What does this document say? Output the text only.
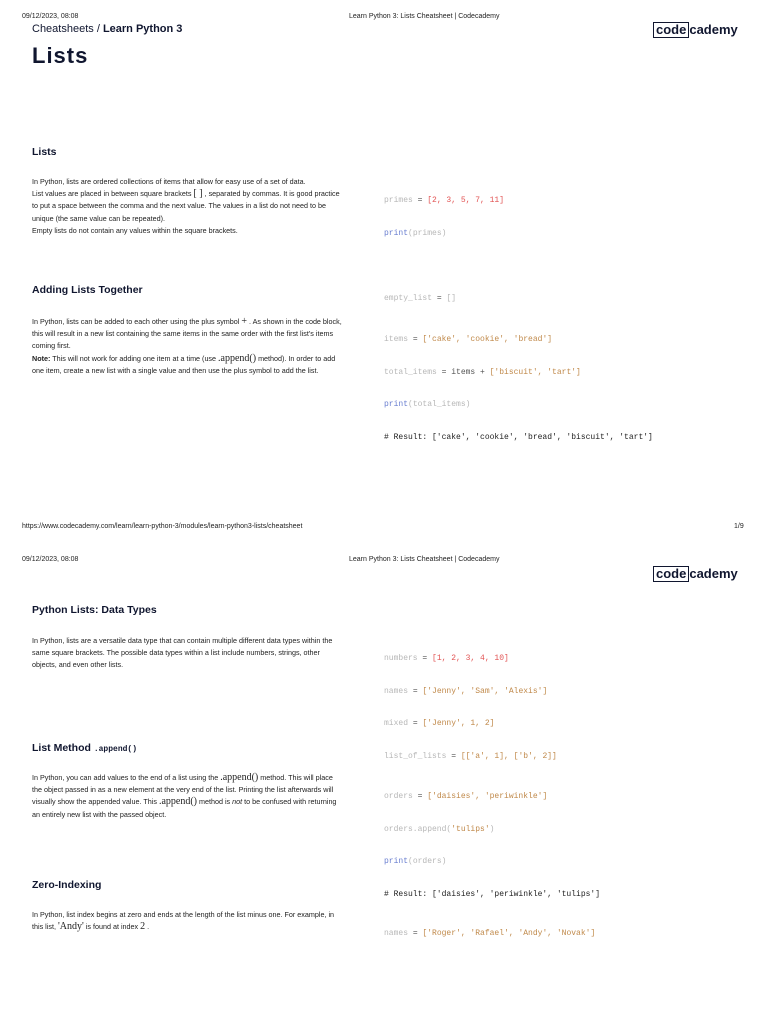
09/12/2023, 08:08	Learn Python 3: Lists Cheatsheet | Codecademy
Cheatsheets / Learn Python 3	code cademy
Lists
Lists

In Python, lists are ordered collections of items that allow for easy use of a set of data.

List values are placed in between square brackets [ ] , separated by commas. It is good practice to put a space between the comma and the next value. The values in a list do not need to be unique (the same value can be repeated).

Empty lists do not contain any values within the square brackets.

primes = [2, 3, 5, 7, 11]

print(primes)

empty_list = []

Adding Lists Together

In Python, lists can be added to each other using the plus symbol + . As shown in the code block, this will result in a new list containing the same items in the same order with the first list’s items coming first.

Note: This will not work for adding one item at a time (use .append() method). In order to add one item, create a new list with a single value and then use the plus symbol to add the list.

items = ['cake', 'cookie', 'bread']

total_items = items + ['biscuit', 'tart']

print(total_items)

# Result: ['cake', 'cookie', 'bread', 'biscuit', 'tart']

https://www.codecademy.com/learn/learn-python-3/modules/learn-python3-lists/cheatsheet	1/9
09/12/2023, 08:08	Learn Python 3: Lists Cheatsheet | Codecademy
code cademy
Python Lists: Data Types

In Python, lists are a versatile data type that can contain multiple different data types within the same square brackets. The possible data types within a list include numbers, strings, other objects, and even other lists.

numbers = [1, 2, 3, 4, 10]

names = ['Jenny', 'Sam', 'Alexis']

mixed = ['Jenny', 1, 2]

list_of_lists = [['a', 1], ['b', 2]]

List Method .append()

In Python, you can add values to the end of a list using the .append() method. This will place the object passed in as a new element at the very end of the list. Printing the list afterwards will visually show the appended value. This .append() method is not to be confused with returning an entirely new list with the passed object.

orders = ['daisies', 'periwinkle']

orders.append('tulips')

print(orders)

# Result: ['daisies', 'periwinkle', 'tulips']

Zero-Indexing

In Python, list index begins at zero and ends at the length of the list minus one. For example, in this list, 'Andy' is found at index 2 .

names = ['Roger', 'Rafael', 'Andy', 'Novak']
